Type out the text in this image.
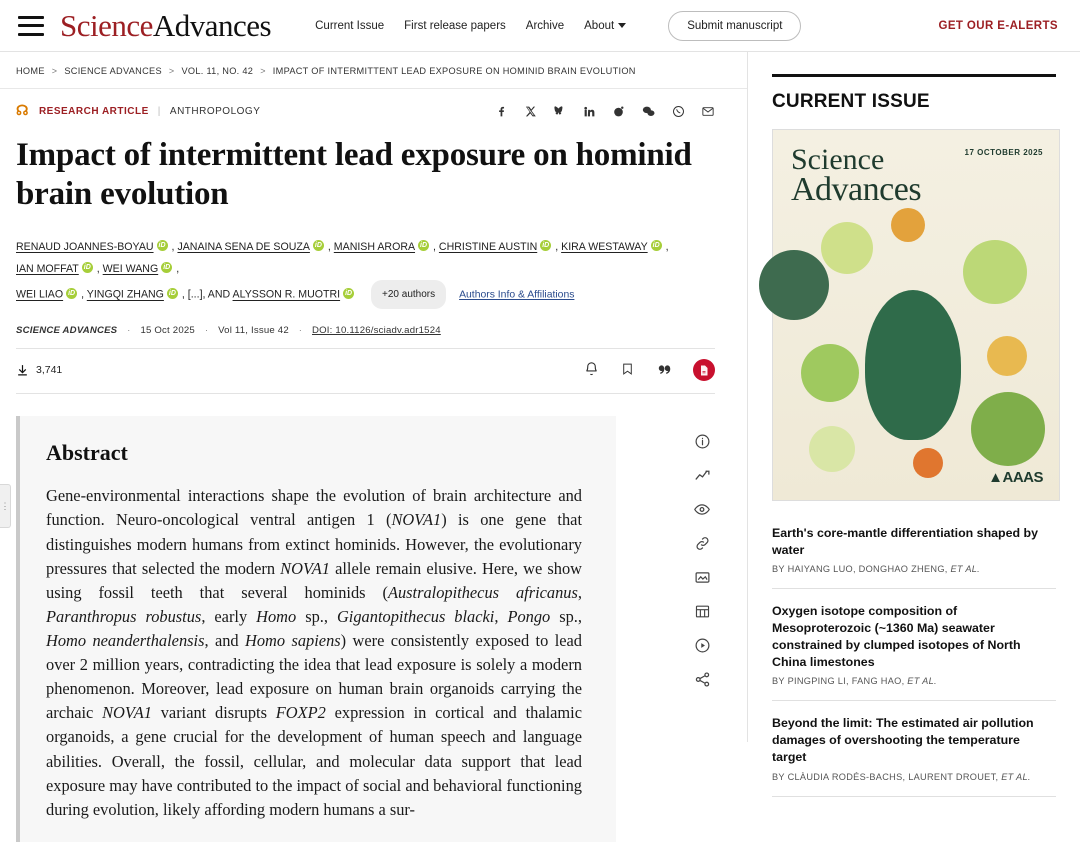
ScienceAdvances	Current Issue First release papers Archive About	Submit manuscript	GET OUR E-ALERTS
HOME > SCIENCE ADVANCES > VOL. 11, NO. 42 > IMPACT OF INTERMITTENT LEAD EXPOSURE ON HOMINID BRAIN EVOLUTION
☊ RESEARCH ARTICLE | ANTHROPOLOGY
Impact of intermittent lead exposure on hominid brain evolution
RENAUD JOANNES-BOYAU iD , JANAINA SENA DE SOUZA iD , MANISH ARORA iD , CHRISTINE AUSTIN iD , KIRA WESTAWAY iD , IAN MOFFAT iD , WEI WANG iD ,
WEI LIAO iD , YINGQI ZHANG iD , [...], AND ALYSSON R. MUOTRI iD	+20 authors Authors Info & Affiliations
SCIENCE ADVANCES · 15 Oct 2025 · Vol 11, Issue 42 · DOI: 10.1126/sciadv.adr1524
3,741
Abstract

Gene-environmental interactions shape the evolution of brain architecture and function. Neuro-oncological ventral antigen 1 (NOVA1) is one gene that distinguishes modern humans from extinct hominids. However, the evolutionary pressures that selected the modern NOVA1 allele remain elusive. Here, we show using fossil teeth that several hominids (Australopithecus africanus, Paranthropus robustus, early Homo sp., Gigantopithecus blacki, Pongo sp., Homo neanderthalensis, and Homo sapiens) were consistently exposed to lead over 2 million years, contradicting the idea that lead exposure is solely a modern phenomenon. Moreover, lead exposure on human brain organoids carrying the archaic NOVA1 variant disrupts FOXP2 expression in cortical and thalamic organoids, a gene crucial for the development of human speech and language abilities. Overall, the fossil, cellular, and molecular data support that lead exposure may have contributed to the impact of social and behavioral functioning during evolution, likely affording modern humans a sur-

⋮
CURRENT ISSUE
Science
Advances
17 OCTOBER 2025
▲AAAS
Earth's core-mantle differentiation shaped by water
BY HAIYANG LUO, DONGHAO ZHENG, ET AL.
Oxygen isotope composition of Mesoproterozoic (~1360 Ma) seawater constrained by clumped isotopes of North China limestones
BY PINGPING LI, FANG HAO, ET AL.
Beyond the limit: The estimated air pollution damages of overshooting the temperature target
BY CLÀUDIA RODÉS-BACHS, LAURENT DROUET, ET AL.
